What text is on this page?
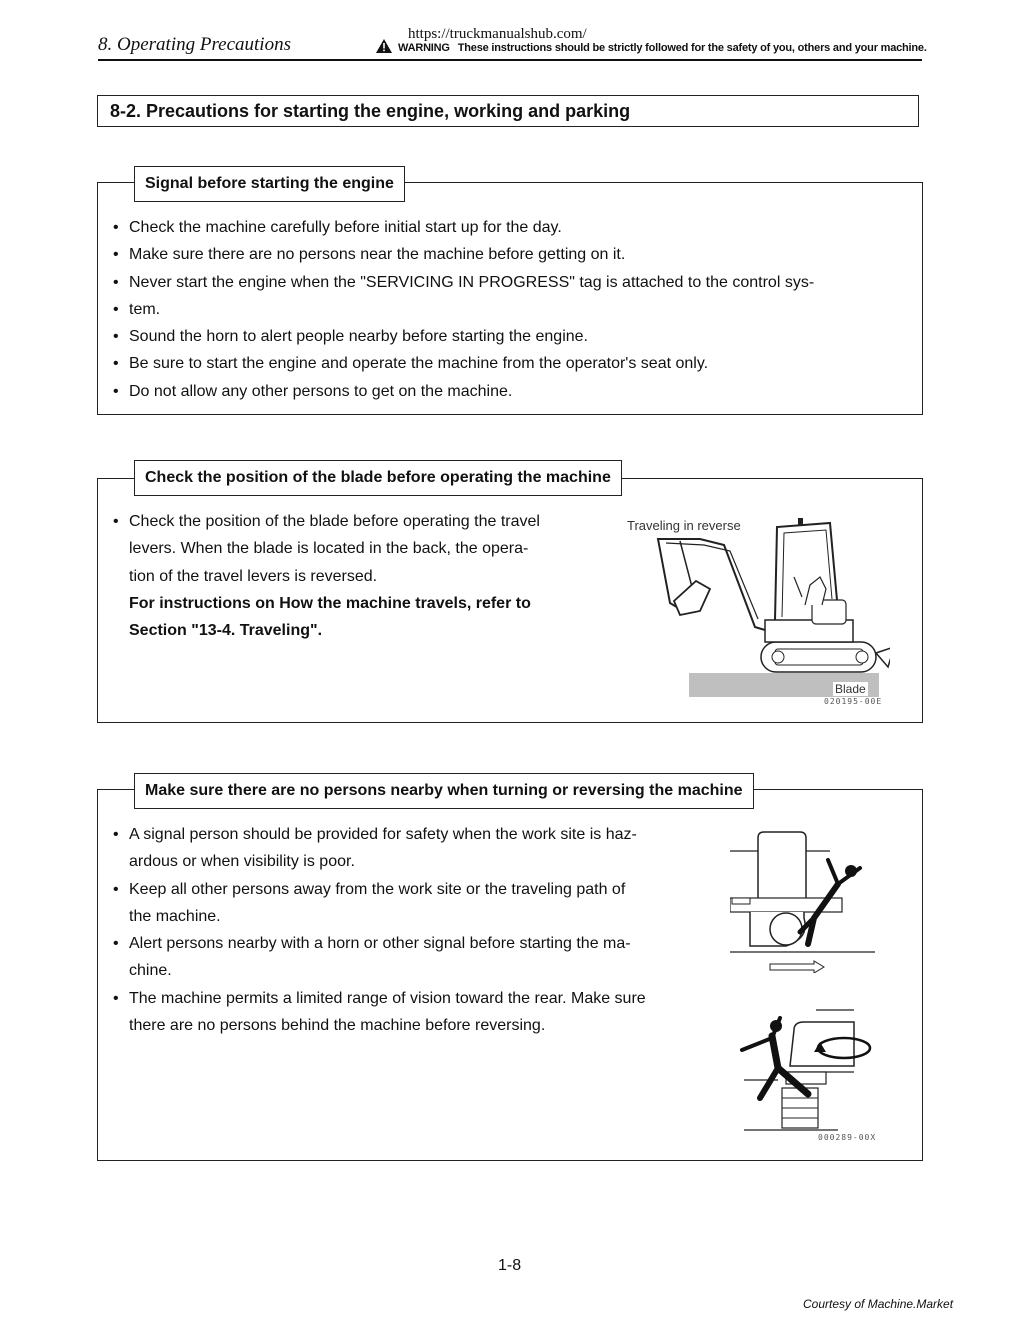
8. Operating Precautions	https://truckmanualshub.com/
WARNING These instructions should be strictly followed for the safety of you, others and your machine.
8-2. Precautions for starting the engine, working and parking
Signal before starting the engine
• Check the machine carefully before initial start up for the day.
• Make sure there are no persons near the machine before getting on it.
• Never start the engine when the "SERVICING IN PROGRESS" tag is attached to the control sys-
• tem.
• Sound the horn to alert people nearby before starting the engine.
• Be sure to start the engine and operate the machine from the operator's seat only.
• Do not allow any other persons to get on the machine.
Check the position of the blade before operating the machine
• Check the position of the blade before operating the travel
levers. When the blade is located in the back, the opera-
tion of the travel levers is reversed.
For instructions on How the machine travels, refer to
Section "13-4. Traveling".
Traveling in reverse
Blade
020195-00E
Make sure there are no persons nearby when turning or reversing the machine
• A signal person should be provided for safety when the work site is haz-
ardous or when visibility is poor.
• Keep all other persons away from the work site or the traveling path of
the machine.
• Alert persons nearby with a horn or other signal before starting the ma-
chine.
• The machine permits a limited range of vision toward the rear. Make sure
there are no persons behind the machine before reversing.
000289-00X
1-8
Courtesy of Machine.Market
